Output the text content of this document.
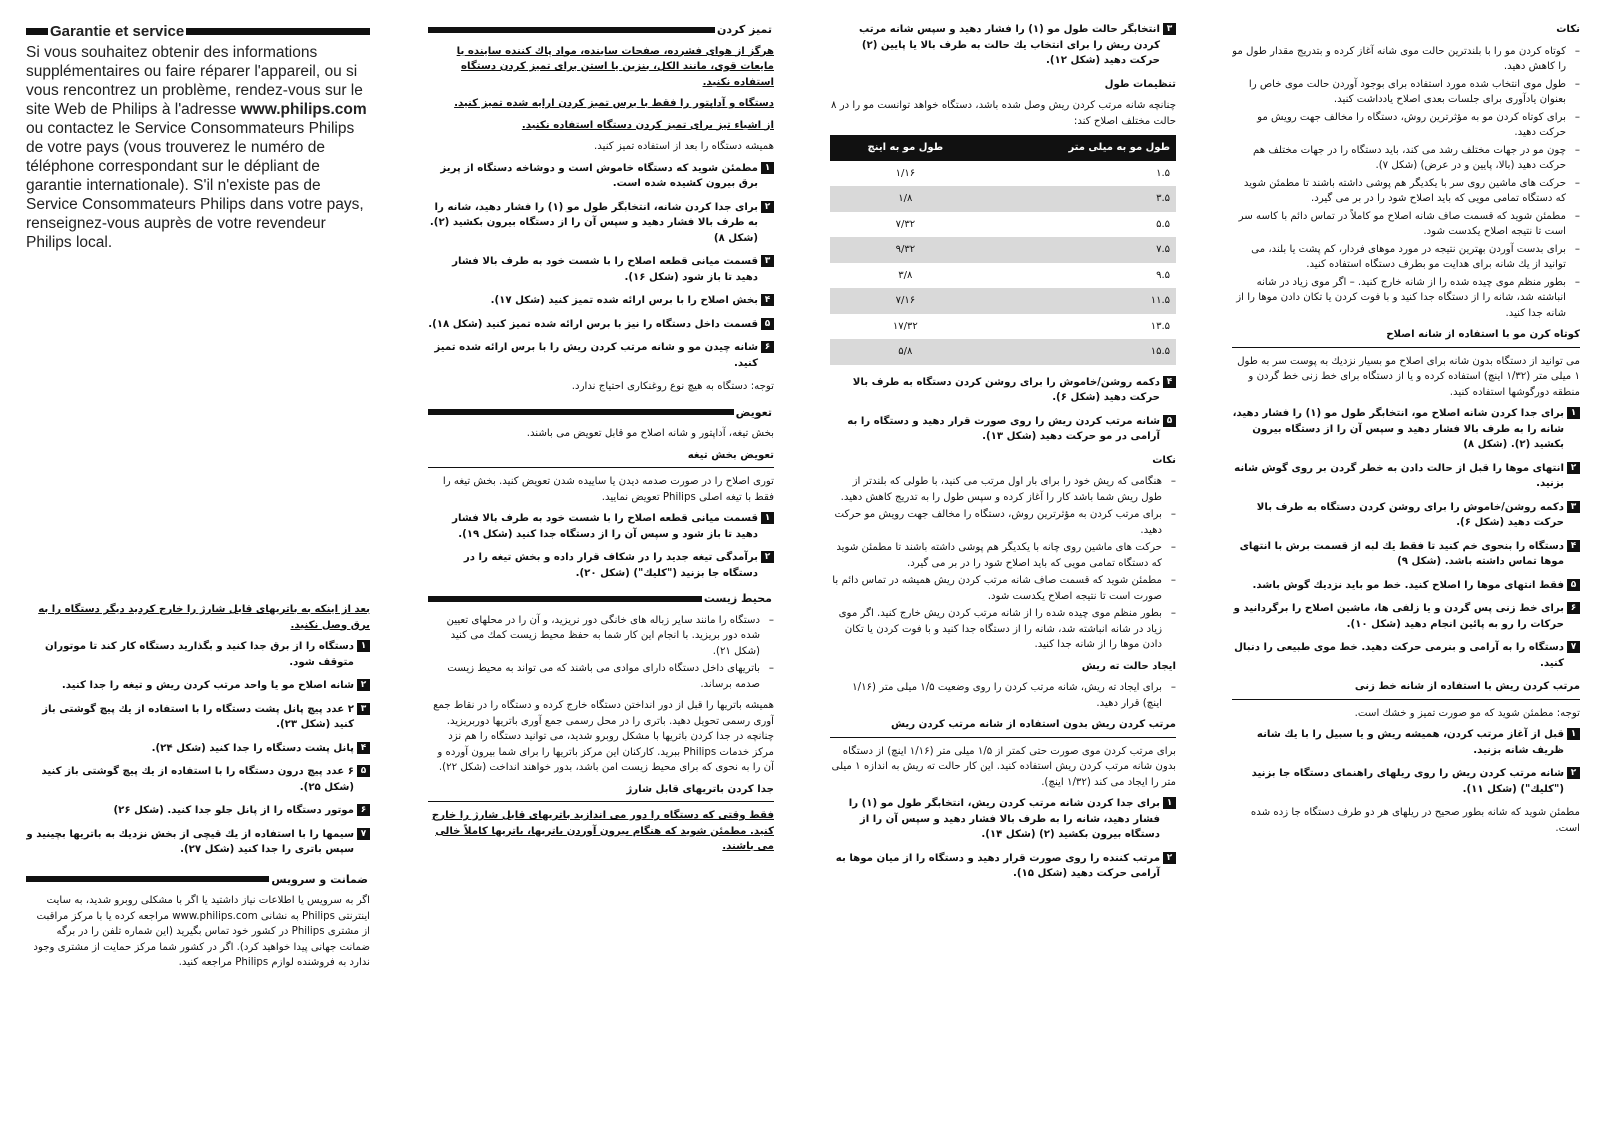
Garantie et service

Si vous souhaitez obtenir des informations supplémentaires ou faire réparer l'appareil, ou si vous rencontrez un problème, rendez-vous sur le site Web de Philips à l'adresse www.philips.com ou contactez le Service Consommateurs Philips de votre pays (vous trouverez le numéro de téléphone correspondant sur le dépliant de garantie internationale). S'il n'existe pas de Service Consommateurs Philips dans votre pays, renseignez-vous auprès de votre revendeur Philips local.

بعد از اینکه به باتریهای قابل شارژ را خارج کردید دیگر دستگاه را به برق وصل نکنید.

۱
دستگاه را از برق جدا کنید و بگذارید دستگاه کار کند تا موتوران متوقف شود.
۲
شانه اصلاح مو یا واحد مرتب کردن ریش و تیغه را جدا کنید.
۳
۲ عدد پیچ پانل پشت دستگاه را با استفاده از یك پیچ گوشتی باز کنید (شکل ۲۳).
۴
پانل پشت دستگاه را جدا کنید (شکل ۲۴).
۵
۶ عدد پیچ درون دستگاه را با استفاده از یك پیچ گوشتی باز کنید (شکل ۲۵).
۶
موتور دستگاه را از پانل جلو جدا کنید. (شکل ۲۶)
۷
سیمها را با استفاده از یك قیچی از بخش نزدیك به باتریها بچینید و سپس باتری را جدا کنید (شکل ۲۷).
ضمانت و سرویس

اگر به سرویس یا اطلاعات نیاز داشتید یا اگر با مشکلی روبرو شدید، به سایت اینترنتی Philips به نشانی www.philips.com مراجعه کرده یا با مرکز مراقبت از مشتری Philips در کشور خود تماس بگیرید (این شماره تلفن را در برگه ضمانت جهانی پیدا خواهید کرد). اگر در کشور شما مرکز حمایت از مشتری وجود ندارد به فروشنده لوازم Philips مراجعه کنید.

تمیز کردن

هرگز از هوای فشرده، صفحات ساینده، مواد پاك کننده ساینده یا مایعات قوی، مانند الکل، بنزین یا استن برای تمیز کردن دستگاه استفاده نکنید.

دستگاه و آداپتور را فقط با برس تمیز کردن ارایه شده تمیز کنید.

از اشیاء تیز برای تمیز کردن دستگاه استفاده نکنید.

همیشه دستگاه را بعد از استفاده تمیز کنید.

۱
مطمئن شوید که دستگاه خاموش است و دوشاخه دستگاه از پریز برق بیرون کشیده شده است.
۲
برای جدا کردن شانه، انتخابگر طول مو (۱) را فشار دهید، شانه را به طرف بالا فشار دهید و سپس آن را از دستگاه بیرون بکشید (۲). (شکل ۸)
۳
قسمت میانی قطعه اصلاح را با شست خود به طرف بالا فشار دهید تا باز شود (شکل ۱۶).
۴
بخش اصلاح را با برس ارائه شده تمیز کنید (شکل ۱۷).
۵
قسمت داخل دستگاه را نیز با برس ارائه شده تمیز کنید (شکل ۱۸).
۶
شانه چیدن مو و شانه مرتب کردن ریش را با برس ارائه شده تمیز کنید.

توجه: دستگاه به هیچ نوع روغنکاری احتیاج ندارد.

تعویض

بخش تیغه، آداپتور و شانه اصلاح مو قابل تعویض می باشند.

تعویض بخش تیغه

توری اصلاح را در صورت صدمه دیدن یا ساییده شدن تعویض کنید. بخش تیغه را فقط با تیغه اصلی Philips تعویض نمایید.

۱
قسمت میانی قطعه اصلاح را با شست خود به طرف بالا فشار دهید تا باز شود و سپس آن را از دستگاه جدا کنید (شکل ۱۹).
۲
برآمدگی تیغه جدید را در شکاف قرار داده و بخش تیغه را در دستگاه جا بزنید ("کلیك") (شکل ۲۰).
محیط زیست
– دستگاه را مانند سایر زباله های خانگی دور نریزید، و آن را در محلهای تعیین شده دور بریزید. با انجام این کار شما به حفظ محیط زیست کمك می کنید (شکل ۲۱).
– باتریهای داخل دستگاه دارای موادی می باشند که می تواند به محیط زیست صدمه برساند.

همیشه باتریها را قبل از دور انداختن دستگاه خارج کرده و دستگاه را در نقاط جمع آوری رسمی تحویل دهید. باتری را در محل رسمی جمع آوری باتریها دوربریزید. چنانچه در جدا کردن باتریها با مشکل روبرو شدید، می توانید دستگاه را هم نزد مرکز خدمات Philips ببرید. کارکنان این مرکز باتریها را برای شما بیرون آورده و آن را به نحوی که برای محیط زیست امن باشد، بدور خواهند انداخت (شکل ۲۲).

جدا کردن باتریهای قابل شارژ

فقط وقتی که دستگاه را دور می اندازید باتریهای قابل شارژ را خارج کنید. مطمئن شوید که هنگام بیرون آوردن باتریها، باتریها کاملاً خالی می باشند.

۳
انتخابگر حالت طول مو (۱) را فشار دهید و سپس شانه مرتب کردن ریش را برای انتخاب یك حالت به طرف بالا یا پایین (۲) حرکت دهید (شکل ۱۲).

تنظیمات طول

چنانچه شانه مرتب کردن ریش وصل شده باشد، دستگاه خواهد توانست مو را در ۸ حالت مختلف اصلاح کند:

طول مو به میلی متر	طول مو به اینچ
۱.۵	۱/۱۶
۳.۵	۱/۸
۵.۵	۷/۳۲
۷.۵	۹/۳۲
۹.۵	۳/۸
۱۱.۵	۷/۱۶
۱۳.۵	۱۷/۳۲
۱۵.۵	۵/۸
۴
دکمه روشن/خاموش را برای روشن کردن دستگاه به طرف بالا حرکت دهید (شکل ۶).
۵
شانه مرتب کردن ریش را روی صورت قرار دهید و دستگاه را به آرامی در مو حرکت دهید (شکل ۱۳).

نکات

– هنگامی که ریش خود را برای بار اول مرتب می کنید، با طولی که بلندتر از طول ریش شما باشد کار را آغاز کرده و سپس طول را به تدریج کاهش دهید.
– برای مرتب کردن به مؤثرترین روش، دستگاه را مخالف جهت رویش مو حرکت دهید.
– حرکت های ماشین روی چانه با یکدیگر هم پوشی داشته باشند تا مطمئن شوید که دستگاه تمامی مویی که باید اصلاح شود را در بر می گیرد.
– مطمئن شوید که قسمت صاف شانه مرتب کردن ریش همیشه در تماس دائم با صورت است تا نتیجه اصلاح یکدست شود.
– بطور منظم موی چیده شده را از شانه مرتب کردن ریش خارج کنید. اگر موی زیاد در شانه انباشته شد، شانه را از دستگاه جدا کنید و با فوت کردن یا تکان دادن موها را از شانه جدا کنید.

ایجاد حالت ته ریش

– برای ایجاد ته ریش، شانه مرتب کردن را روی وضعیت ۱/۵ میلی متر (۱/۱۶ اینچ) قرار دهید.
مرتب کردن ریش بدون استفاده از شانه مرتب کردن ریش

برای مرتب کردن موی صورت حتی کمتر از ۱/۵ میلی متر (۱/۱۶ اینچ) از دستگاه بدون شانه مرتب کردن ریش استفاده کنید. این کار حالت ته ریش به اندازه ۱ میلی متر را ایجاد می کند (۱/۳۲ اینچ).

۱
برای جدا کردن شانه مرتب کردن ریش، انتخابگر طول مو (۱) را فشار دهید، شانه را به طرف بالا فشار دهید و سپس آن را از دستگاه بیرون بکشید (۲) (شکل ۱۴).
۲
مرتب کننده را روی صورت قرار دهید و دستگاه را از میان موها به آرامی حرکت دهید (شکل ۱۵).

نکات

– کوتاه کردن مو را با بلندترین حالت موی شانه آغاز کرده و بتدریج مقدار طول مو را کاهش دهید.
– طول موی انتخاب شده مورد استفاده برای بوجود آوردن حالت موی خاص را بعنوان یادآوری برای جلسات بعدی اصلاح یادداشت کنید.
– برای کوتاه کردن مو به مؤثرترین روش، دستگاه را مخالف جهت رویش مو حرکت دهید.
– چون مو در جهات مختلف رشد می کند، باید دستگاه را در جهات مختلف هم حرکت دهید (بالا، پایین و در عرض) (شکل ۷).
– حرکت های ماشین روی سر با یکدیگر هم پوشی داشته باشند تا مطمئن شوید که دستگاه تمامی مویی که باید اصلاح شود را در بر می گیرد.
– مطمئن شوید که قسمت صاف شانه اصلاح مو کاملاً در تماس دائم با کاسه سر است تا نتیجه اصلاح یکدست شود.
– برای بدست آوردن بهترین نتیجه در مورد موهای فردار، کم پشت یا بلند، می توانید از یك شانه برای هدایت مو بطرف دستگاه استفاده کنید.
– بطور منظم موی چیده شده را از شانه خارج کنید. – اگر موی زیاد در شانه انباشته شد، شانه را از دستگاه جدا کنید و با فوت کردن یا تکان دادن موها را از شانه جدا کنید.
کوتاه کرن مو با استفاده از شانه اصلاح

می توانید از دستگاه بدون شانه برای اصلاح مو بسیار نزدیك به پوست سر به طول ۱ میلی متر (۱/۳۲ اینچ) استفاده کرده و یا از دستگاه برای خط زنی خط گردن و منطقه دورگوشها استفاده کنید.

۱
برای جدا کردن شانه اصلاح مو، انتخابگر طول مو (۱) را فشار دهید، شانه را به طرف بالا فشار دهید و سپس آن را از دستگاه بیرون بکشید (۲). (شکل ۸)
۲
انتهای موها را قبل از حالت دادن به خطر گردن بر روی گوش شانه بزنید.
۳
دکمه روشن/خاموش را برای روشن کردن دستگاه به طرف بالا حرکت دهید (شکل ۶).
۴
دستگاه را بنحوی خم کنید تا فقط یك لبه از قسمت برش با انتهای موها تماس داشته باشد. (شکل ۹)
۵
فقط انتهای موها را اصلاح کنید. خط مو باید نزدیك گوش باشد.
۶
برای خط زنی پس گردن و یا زلفی ها، ماشین اصلاح را برگردانید و حرکات را رو به پائین انجام دهید (شکل ۱۰).
۷
دستگاه را به آرامی و بنرمی حرکت دهید. خط موی طبیعی را دنبال کنید.
مرتب کردن ریش با استفاده از شانه خط زنی

توجه: مطمئن شوید که مو صورت تمیز و خشك است.

۱
قبل از آغاز مرتب کردن، همیشه ریش و یا سبیل را با یك شانه ظریف شانه بزنید.
۲
شانه مرتب کردن ریش را روی ریلهای راهنمای دستگاه جا بزنید ("کلیك") (شکل ۱۱).

مطمئن شوید که شانه بطور صحیح در ریلهای هر دو طرف دستگاه جا زده شده است.
